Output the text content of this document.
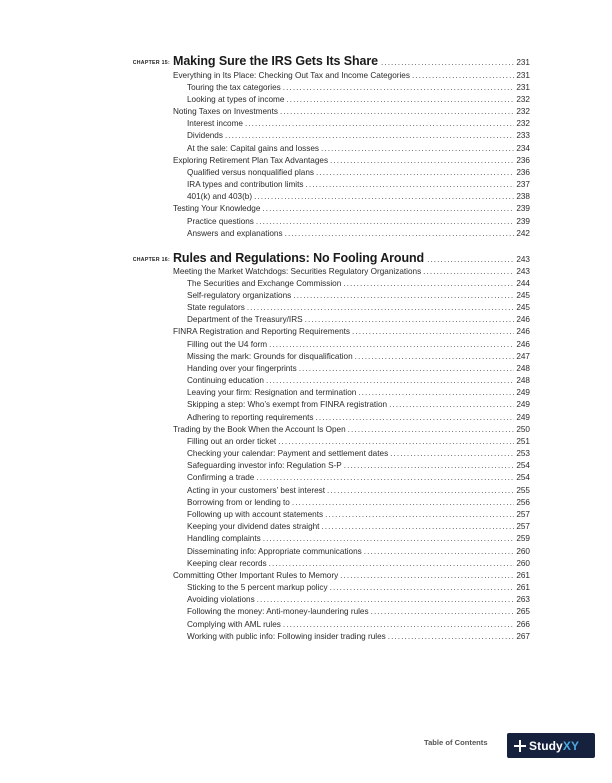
CHAPTER 15: Making Sure the IRS Gets Its Share . . .	231
Everything in Its Place: Checking Out Tax and Income Categories . . .	231
Touring the tax categories . . .	231
Looking at types of income . . .	232
Noting Taxes on Investments . . .	232
Interest income . . .	232
Dividends . . .	233
At the sale: Capital gains and losses . . .	234
Exploring Retirement Plan Tax Advantages . . .	236
Qualified versus nonqualified plans . . .	236
IRA types and contribution limits . . .	237
401(k) and 403(b) . . .	238
Testing Your Knowledge . . .	239
Practice questions . . .	239
Answers and explanations . . .	242
CHAPTER 16: Rules and Regulations: No Fooling Around . . .	243
Meeting the Market Watchdogs: Securities Regulatory Organizations . . .	243
The Securities and Exchange Commission . . .	244
Self-regulatory organizations . . .	245
State regulators . . .	245
Department of the Treasury/IRS . . .	246
FINRA Registration and Reporting Requirements . . .	246
Filling out the U4 form . . .	246
Missing the mark: Grounds for disqualification . . .	247
Handing over your fingerprints . . .	248
Continuing education . . .	248
Leaving your firm: Resignation and termination . . .	249
Skipping a step: Who’s exempt from FINRA registration . . .	249
Adhering to reporting requirements . . .	249
Trading by the Book When the Account Is Open . . .	250
Filling out an order ticket . . .	251
Checking your calendar: Payment and settlement dates . . .	253
Safeguarding investor info: Regulation S-P . . .	254
Confirming a trade . . .	254
Acting in your customers’ best interest . . .	255
Borrowing from or lending to . . .	256
Following up with account statements . . .	257
Keeping your dividend dates straight . . .	257
Handling complaints . . .	259
Disseminating info: Appropriate communications . . .	260
Keeping clear records . . .	260
Committing Other Important Rules to Memory . . .	261
Sticking to the 5 percent markup policy . . .	261
Avoiding violations . . .	263
Following the money: Anti-money-laundering rules . . .	265
Complying with AML rules . . .	266
Working with public info: Following insider trading rules . . .	267
Table of Contents	StudyXY
